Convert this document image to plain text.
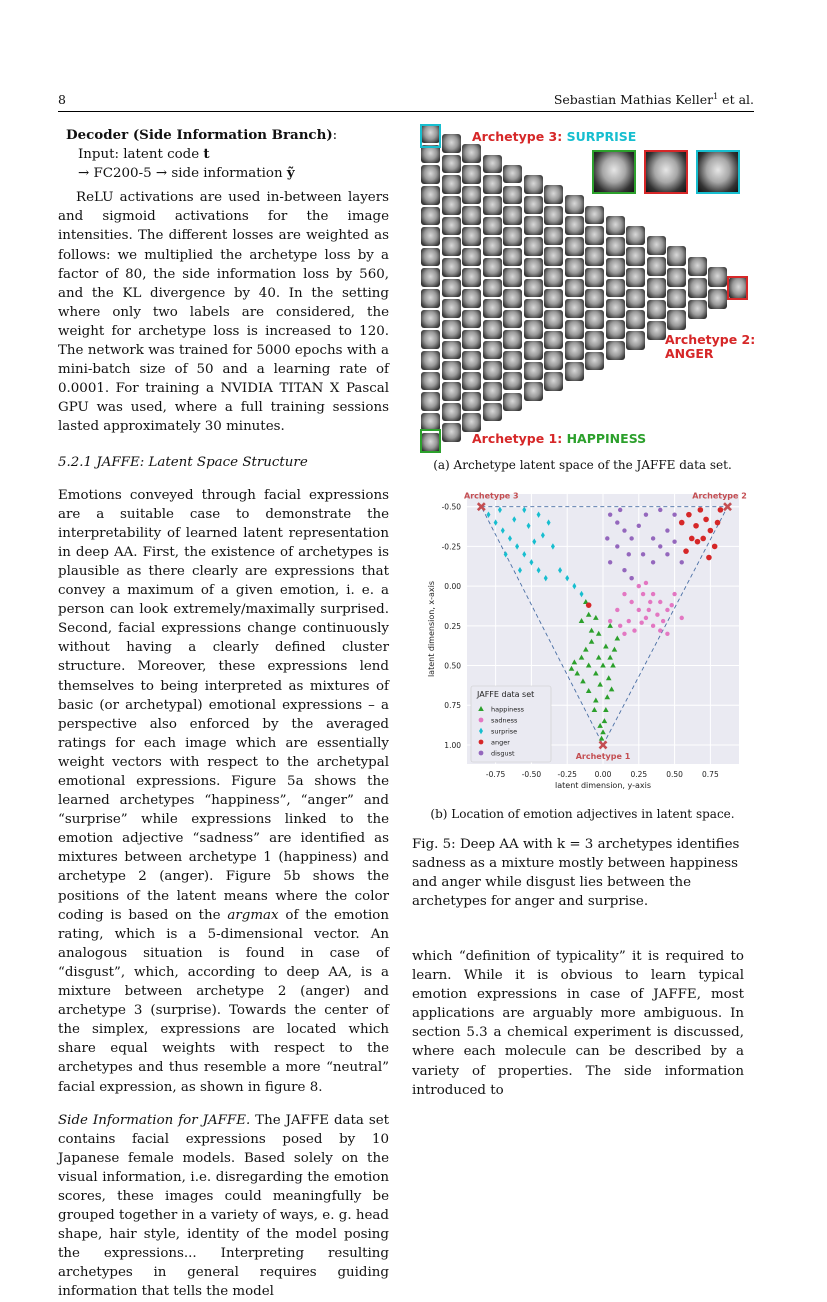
8	Sebastian Mathias Keller$^1$ et al.

Decoder (Side Information Branch):

Input: latent code t

→ FC200-5 → side information ỹ

ReLU activations are used in-between layers and sigmoid activations for the image intensities. The different losses are weighted as follows: we multiplied the archetype loss by a factor of 80, the side information loss by 560, and the KL divergence by 40. In the setting where only two labels are considered, the weight for archetype loss is increased to 120. The network was trained for 5000 epochs with a mini-batch size of 50 and a learning rate of 0.0001. For training a NVIDIA TITAN X Pascal GPU was used, where a full training sessions lasted approximately 30 minutes.

5.2.1 JAFFE: Latent Space Structure

Emotions conveyed through facial expressions are a suitable case to demonstrate the interpretability of learned latent representation in deep AA. First, the existence of archetypes is plausible as there clearly are expressions that convey a maximum of a given emotion, i. e. a person can look extremely/maximally surprised. Second, facial expressions change continuously without having a clearly defined cluster structure. Moreover, these expressions lend themselves to being interpreted as mixtures of basic (or archetypal) emotional expressions – a perspective also enforced by the averaged ratings for each image which are essentially weight vectors with respect to the archetypal emotional expressions. Figure 5a shows the learned archetypes “happiness”, “anger” and “surprise” while expressions linked to the emotion adjective “sadness” are identified as mixtures between archetype 1 (happiness) and archetype 2 (anger). Figure 5b shows the positions of the latent means where the color coding is based on the argmax of the emotion rating, which is a 5-dimensional vector. An analogous situation is found in case of “disgust”, which, according to deep AA, is a mixture between archetype 2 (anger) and archetype 3 (surprise). Towards the center of the simplex, expressions are located which share equal weights with respect to the archetypes and thus resemble a more “neutral” facial expression, as shown in figure 8.

Side Information for JAFFE. The JAFFE data set contains facial expressions posed by 10 Japanese female models. Based solely on the visual information, i.e. disregarding the emotion scores, these images could meaningfully be grouped together in a variety of ways, e. g. head shape, hair style, identity of the model posing the expressions... Interpreting resulting archetypes in general requires guiding information that tells the model

Archetype 3: SURPRISE
Archetype 2:
ANGER
Archetype 1: HAPPINESS
(a) Archetype latent space of the JAFFE data set.
-0.75 -0.50 -0.25 0.00	0.25	0.50	0.75
-0.50
-0.25
0.00
0.25
0.50
0.75
1.00
latent dimension, y-axis
latent dimension, x-axis
Archetype 3	Archetype 2
Archetype 1
JAFFE data set
happiness
sadness
surprise
anger
disgust
(b) Location of emotion adjectives in latent space.
Fig. 5: Deep AA with k = 3 archetypes identifies sadness as a mixture mostly between happiness and anger while disgust lies between the archetypes for anger and surprise.
which “definition of typicality” it is required to learn. While it is obvious to learn typical emotion expressions in case of JAFFE, most applications are arguably more ambiguous. In section 5.3 a chemical experiment is discussed, where each molecule can be described by a variety of properties. The side information introduced to
